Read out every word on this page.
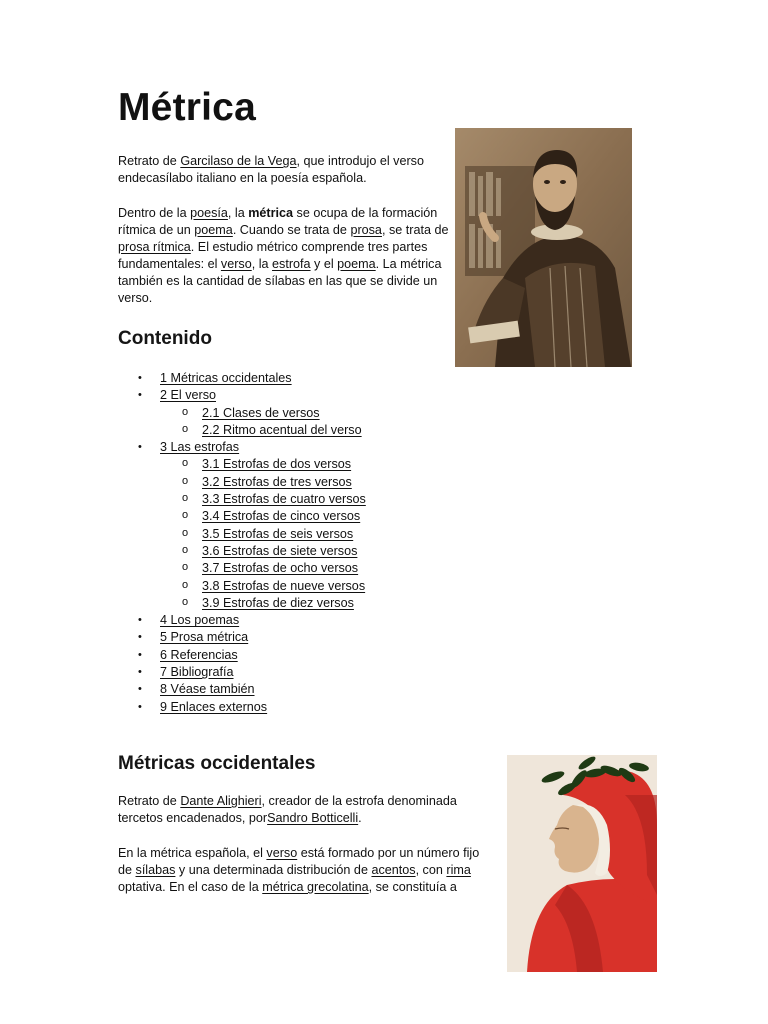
Métrica

Retrato de Garcilaso de la Vega, que introdujo el verso endecasílabo italiano en la poesía española.

Dentro de la poesía, la métrica se ocupa de la formación rítmica de un poema. Cuando se trata de prosa, se trata de prosa rítmica. El estudio métrico comprende tres partes fundamentales: el verso, la estrofa y el poema. La métrica también es la cantidad de sílabas en las que se divide un verso.

Contenido
• 1 Métricas occidentales
• 2 El verso
o 2.1 Clases de versos
o 2.2 Ritmo acentual del verso
• 3 Las estrofas
o 3.1 Estrofas de dos versos
o 3.2 Estrofas de tres versos
o 3.3 Estrofas de cuatro versos
o 3.4 Estrofas de cinco versos
o 3.5 Estrofas de seis versos
o 3.6 Estrofas de siete versos
o 3.7 Estrofas de ocho versos
o 3.8 Estrofas de nueve versos
o 3.9 Estrofas de diez versos
• 4 Los poemas
• 5 Prosa métrica
• 6 Referencias
• 7 Bibliografía
• 8 Véase también
• 9 Enlaces externos
Métricas occidentales

Retrato de Dante Alighieri, creador de la estrofa denominada tercetos encadenados, porSandro Botticelli.

En la métrica española, el verso está formado por un número fijo de sílabas y una determinada distribución de acentos, con rima optativa. En el caso de la métrica grecolatina, se constituía a
